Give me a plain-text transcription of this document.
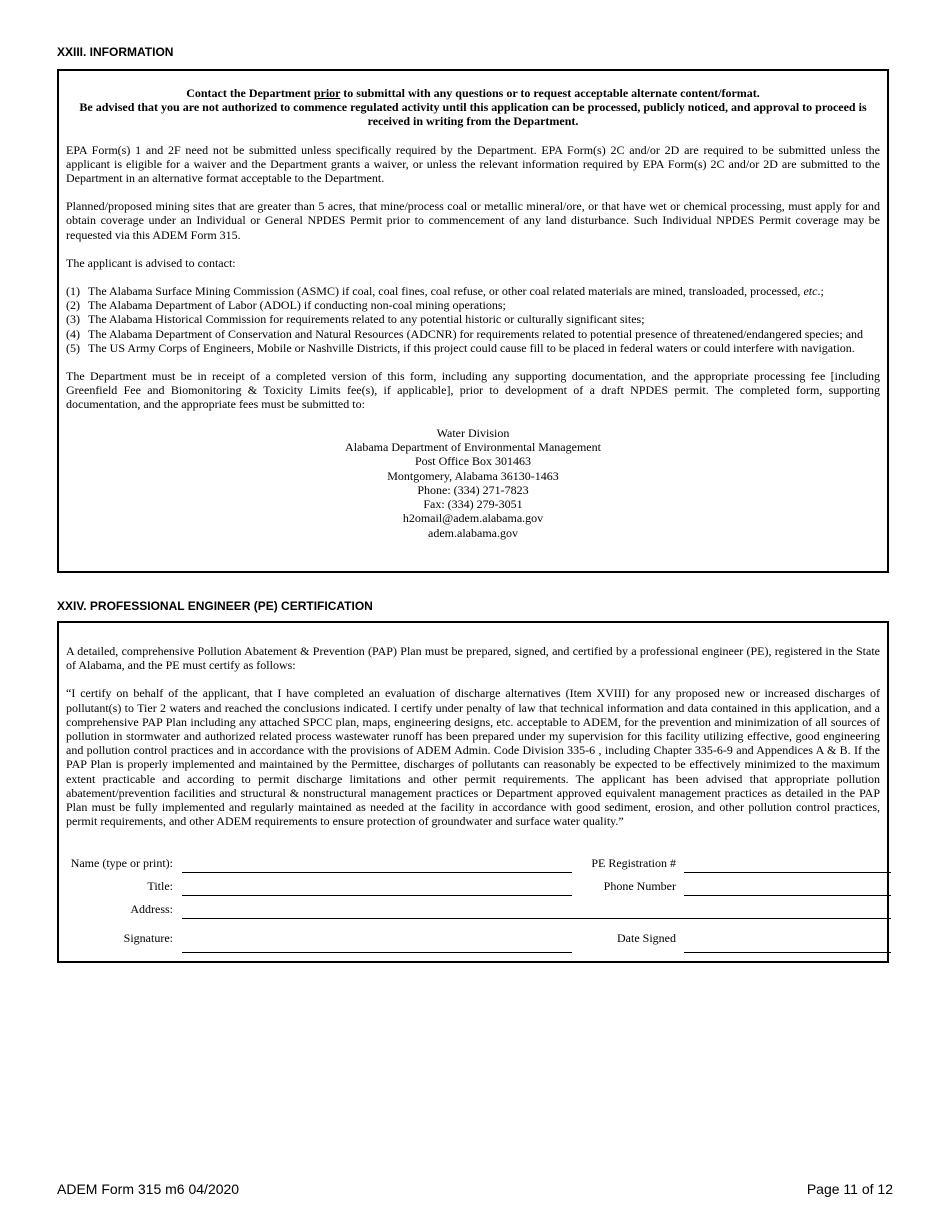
XXIII. INFORMATION

Contact the Department prior to submittal with any questions or to request acceptable alternate content/format.
Be advised that you are not authorized to commence regulated activity until this application can be processed, publicly noticed, and approval to proceed is received in writing from the Department.

EPA Form(s) 1 and 2F need not be submitted unless specifically required by the Department. EPA Form(s) 2C and/or 2D are required to be submitted unless the applicant is eligible for a waiver and the Department grants a waiver, or unless the relevant information required by EPA Form(s) 2C and/or 2D are submitted to the Department in an alternative format acceptable to the Department.

Planned/proposed mining sites that are greater than 5 acres, that mine/process coal or metallic mineral/ore, or that have wet or chemical processing, must apply for and obtain coverage under an Individual or General NPDES Permit prior to commencement of any land disturbance. Such Individual NPDES Permit coverage may be requested via this ADEM Form 315.

The applicant is advised to contact:

(1) The Alabama Surface Mining Commission (ASMC) if coal, coal fines, coal refuse, or other coal related materials are mined, transloaded, processed, etc.;
(2) The Alabama Department of Labor (ADOL) if conducting non-coal mining operations;
(3) The Alabama Historical Commission for requirements related to any potential historic or culturally significant sites;
(4) The Alabama Department of Conservation and Natural Resources (ADCNR) for requirements related to potential presence of threatened/endangered species; and
(5) The US Army Corps of Engineers, Mobile or Nashville Districts, if this project could cause fill to be placed in federal waters or could interfere with navigation.

The Department must be in receipt of a completed version of this form, including any supporting documentation, and the appropriate processing fee [including Greenfield Fee and Biomonitoring & Toxicity Limits fee(s), if applicable], prior to development of a draft NPDES permit. The completed form, supporting documentation, and the appropriate fees must be submitted to:

Water Division
Alabama Department of Environmental Management
Post Office Box 301463
Montgomery, Alabama 36130-1463
Phone: (334) 271-7823
Fax: (334) 279-3051
h2omail@adem.alabama.gov
adem.alabama.gov
XXIV. PROFESSIONAL ENGINEER (PE) CERTIFICATION

A detailed, comprehensive Pollution Abatement & Prevention (PAP) Plan must be prepared, signed, and certified by a professional engineer (PE), registered in the State of Alabama, and the PE must certify as follows:

“I certify on behalf of the applicant, that I have completed an evaluation of discharge alternatives (Item XVIII) for any proposed new or increased discharges of pollutant(s) to Tier 2 waters and reached the conclusions indicated. I certify under penalty of law that technical information and data contained in this application, and a comprehensive PAP Plan including any attached SPCC plan, maps, engineering designs, etc. acceptable to ADEM, for the prevention and minimization of all sources of pollution in stormwater and authorized related process wastewater runoff has been prepared under my supervision for this facility utilizing effective, good engineering and pollution control practices and in accordance with the provisions of ADEM Admin. Code Division 335-6 , including Chapter 335-6-9 and Appendices A & B. If the PAP Plan is properly implemented and maintained by the Permittee, discharges of pollutants can reasonably be expected to be effectively minimized to the maximum extent practicable and according to permit discharge limitations and other permit requirements. The applicant has been advised that appropriate pollution abatement/prevention facilities and structural & nonstructural management practices or Department approved equivalent management practices as detailed in the PAP Plan must be fully implemented and regularly maintained as needed at the facility in accordance with good sediment, erosion, and other pollution control practices, permit requirements, and other ADEM requirements to ensure protection of groundwater and surface water quality.”

Name (type or print):	PE Registration #
Title:	Phone Number
Address:
Signature:	Date Signed
ADEM Form 315 m6 04/2020	Page 11 of 12
